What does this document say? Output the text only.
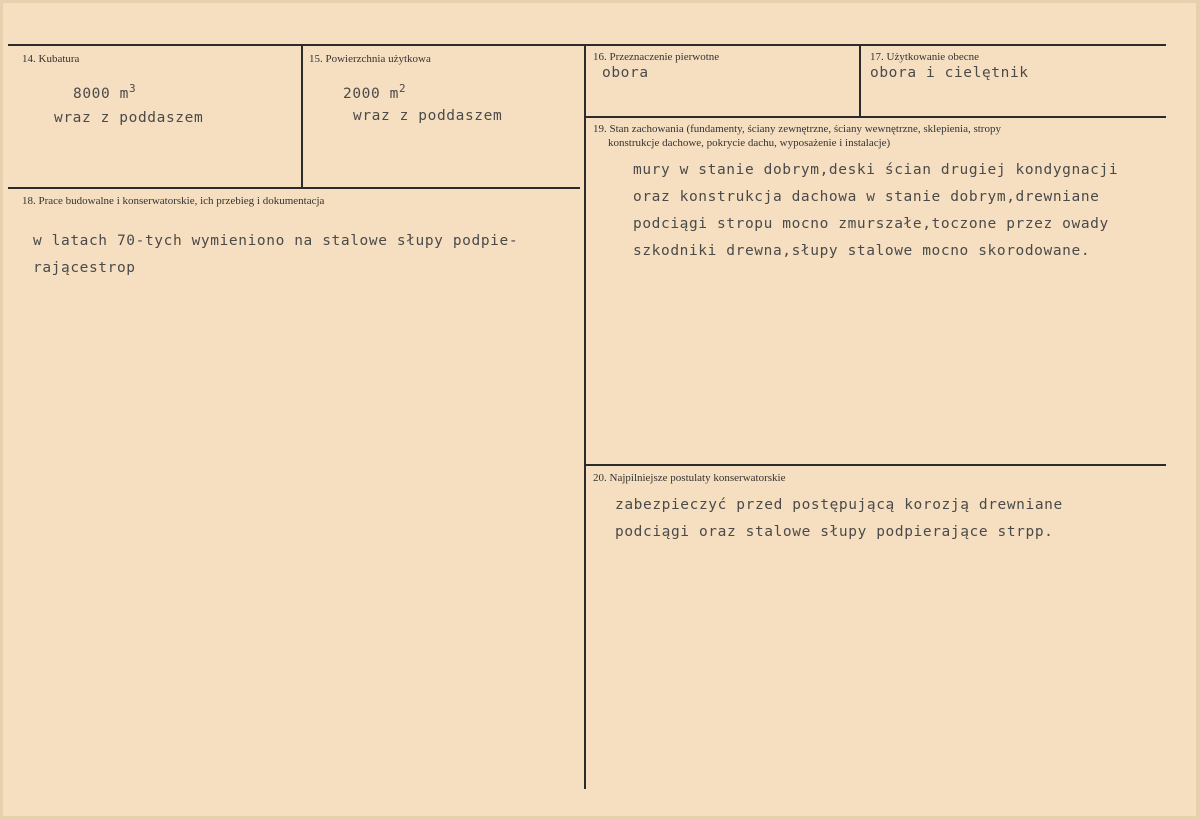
14. Kubatura
8000 $m^3$
wraz z poddaszem
15. Powierzchnia użytkowa
2000 $m^2$
wraz z poddaszem
16. Przeznaczenie pierwotne
obora
17. Użytkowanie obecne
obora i cielętnik
18. Prace budowalne i konserwatorskie, ich przebieg i dokumentacja
w latach 70-tych wymieniono na stalowe słupy podpie-
rającestrop
19. Stan zachowania (fundamenty, ściany zewnętrzne, ściany wewnętrzne, sklepienia, stropy
konstrukcje dachowe, pokrycie dachu, wyposażenie i instalacje)
mury w stanie dobrym,deski ścian drugiej kondygnacji
oraz konstrukcja dachowa w stanie dobrym,drewniane
podciągi stropu mocno zmurszałe,toczone przez owady
szkodniki drewna,słupy stalowe mocno skorodowane.
20. Najpilniejsze postulaty konserwatorskie
zabezpieczyć przed postępującą korozją drewniane
podciągi oraz stalowe słupy podpierające strpp.
